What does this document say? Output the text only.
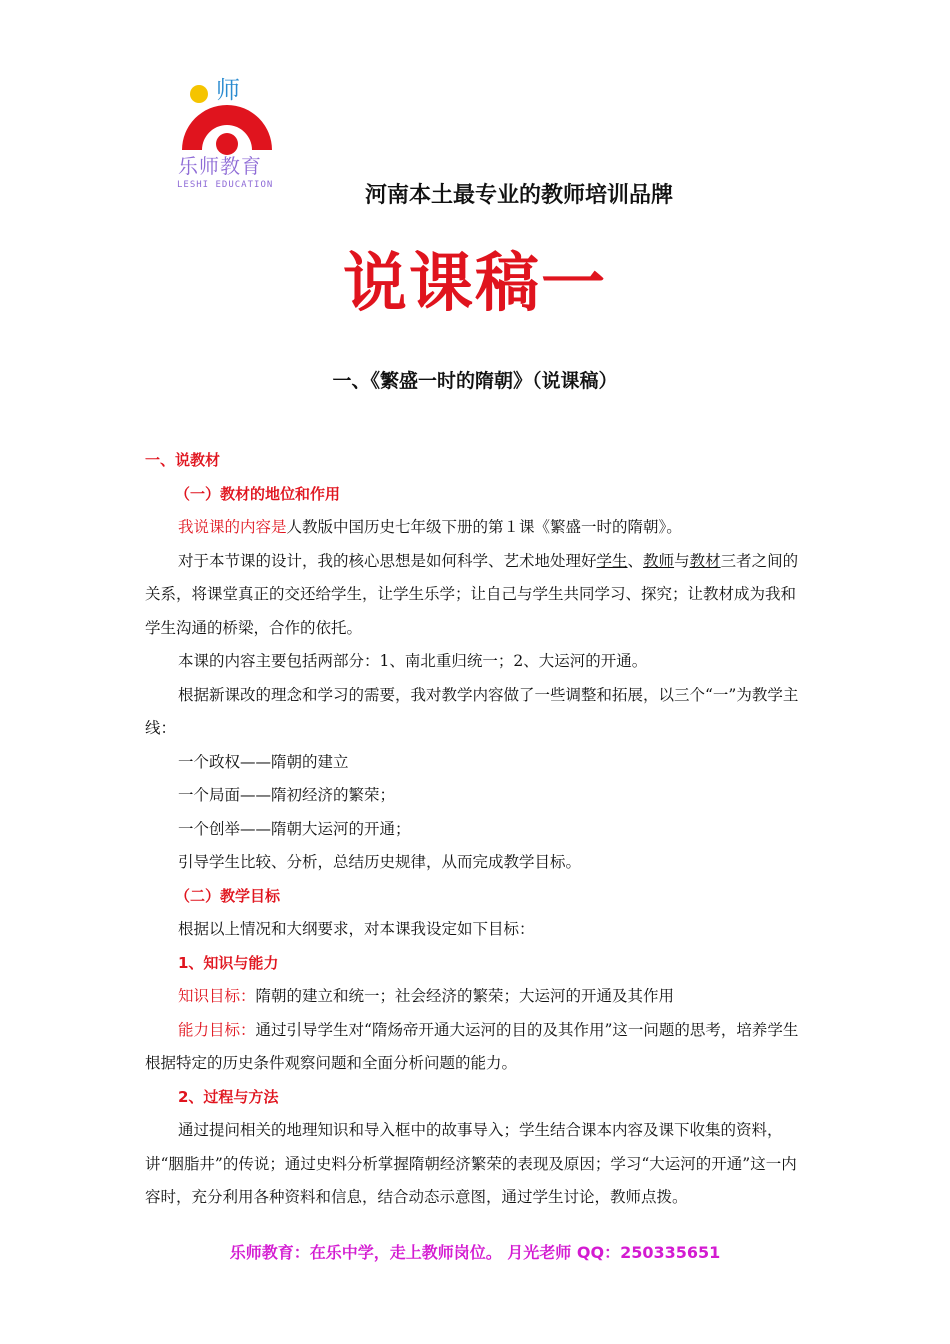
师
乐师教育
LESHI EDUCATION	河南本土最专业的教师培训品牌
说课稿一
一、《繁盛一时的隋朝》（说课稿）

一、说教材

（一）教材的地位和作用

我说课的内容是人教版中国历史七年级下册的第１课《繁盛一时的隋朝》。

对于本节课的设计，我的核心思想是如何科学、艺术地处理好学生、教师与教材三者之间的关系，将课堂真正的交还给学生，让学生乐学；让自己与学生共同学习、探究；让教材成为我和学生沟通的桥梁，合作的依托。

本课的内容主要包括两部分：1、南北重归统一；2、大运河的开通。

根据新课改的理念和学习的需要，我对教学内容做了一些调整和拓展，以三个“一”为教学主线：

一个政权——隋朝的建立

一个局面——隋初经济的繁荣；

一个创举——隋朝大运河的开通；

引导学生比较、分析，总结历史规律，从而完成教学目标。

（二）教学目标

根据以上情况和大纲要求，对本课我设定如下目标：

1、知识与能力

知识目标：隋朝的建立和统一；社会经济的繁荣；大运河的开通及其作用

能力目标：通过引导学生对“隋炀帝开通大运河的目的及其作用”这一问题的思考，培养学生根据特定的历史条件观察问题和全面分析问题的能力。

2、过程与方法

通过提问相关的地理知识和导入框中的故事导入；学生结合课本内容及课下收集的资料，讲“胭脂井”的传说；通过史料分析掌握隋朝经济繁荣的表现及原因；学习“大运河的开通”这一内容时，充分利用各种资料和信息，结合动态示意图，通过学生讨论，教师点拨。

乐师教育：在乐中学，走上教师岗位。 月光老师 QQ：250335651
